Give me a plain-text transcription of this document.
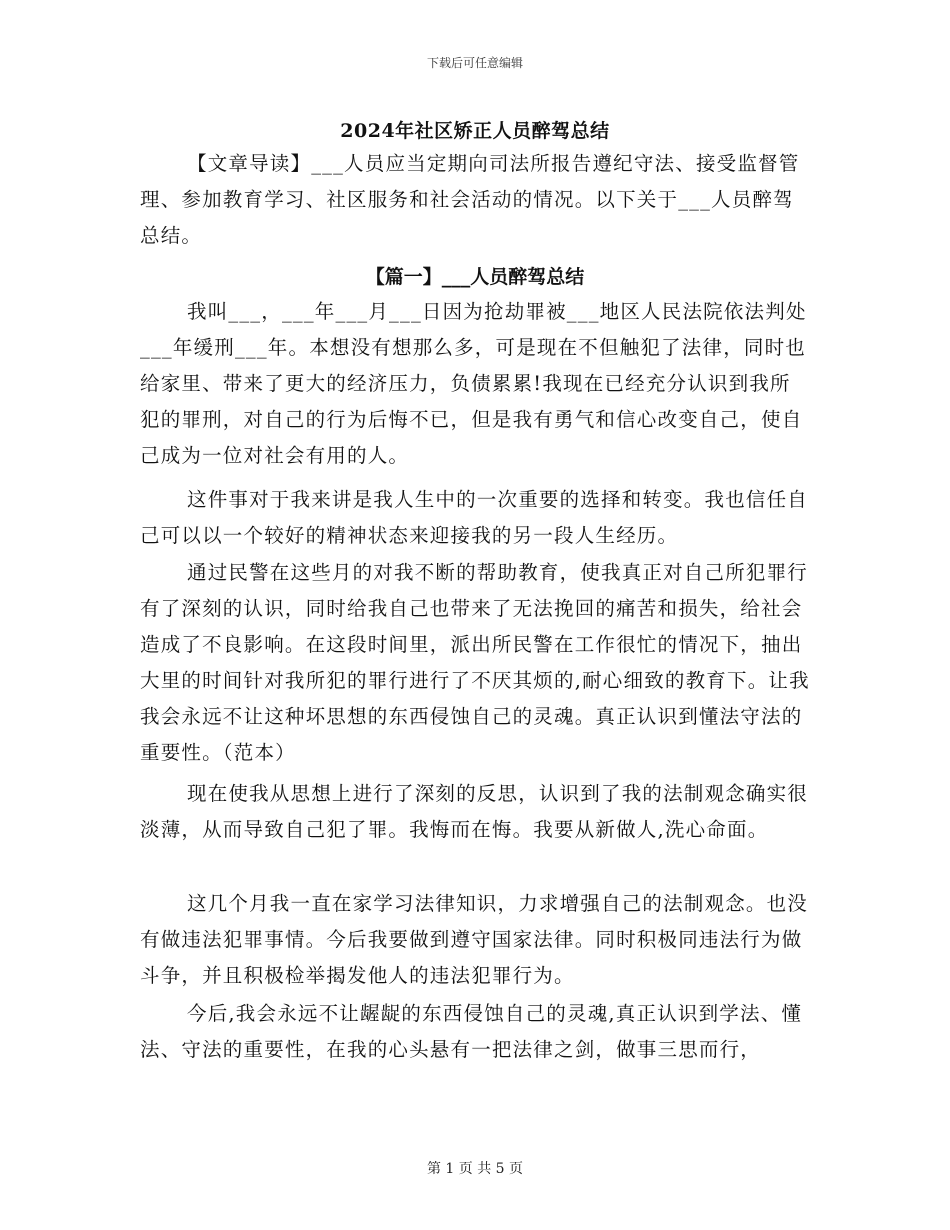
下载后可任意编辑
2024年社区矫正人员醉驾总结

【文章导读】___人员应当定期向司法所报告遵纪守法、接受监督管理、参加教育学习、社区服务和社会活动的情况。以下关于___人员醉驾总结。

【篇一】___人员醉驾总结

我叫___，___年___月___日因为抢劫罪被___地区人民法院依法判处___年缓刑___年。本想没有想那么多，可是现在不但触犯了法律，同时也给家里、带来了更大的经济压力，负债累累!我现在已经充分认识到我所犯的罪刑，对自己的行为后悔不已，但是我有勇气和信心改变自己，使自己成为一位对社会有用的人。

这件事对于我来讲是我人生中的一次重要的选择和转变。我也信任自己可以以一个较好的精神状态来迎接我的另一段人生经历。

通过民警在这些月的对我不断的帮助教育，使我真正对自己所犯罪行有了深刻的认识，同时给我自己也带来了无法挽回的痛苦和损失，给社会造成了不良影响。在这段时间里，派出所民警在工作很忙的情况下，抽出大里的时间针对我所犯的罪行进行了不厌其烦的,耐心细致的教育下。让我我会永远不让这种坏思想的东西侵蚀自己的灵魂。真正认识到懂法守法的重要性。（范本）

现在使我从思想上进行了深刻的反思，认识到了我的法制观念确实很淡薄，从而导致自己犯了罪。我悔而在悔。我要从新做人,洗心命面。

这几个月我一直在家学习法律知识，力求增强自己的法制观念。也没有做违法犯罪事情。今后我要做到遵守国家法律。同时积极同违法行为做斗争，并且积极检举揭发他人的违法犯罪行为。

今后,我会永远不让龌龊的东西侵蚀自己的灵魂,真正认识到学法、懂法、守法的重要性，在我的心头悬有一把法律之剑，做事三思而行，

第 1 页 共 5 页
